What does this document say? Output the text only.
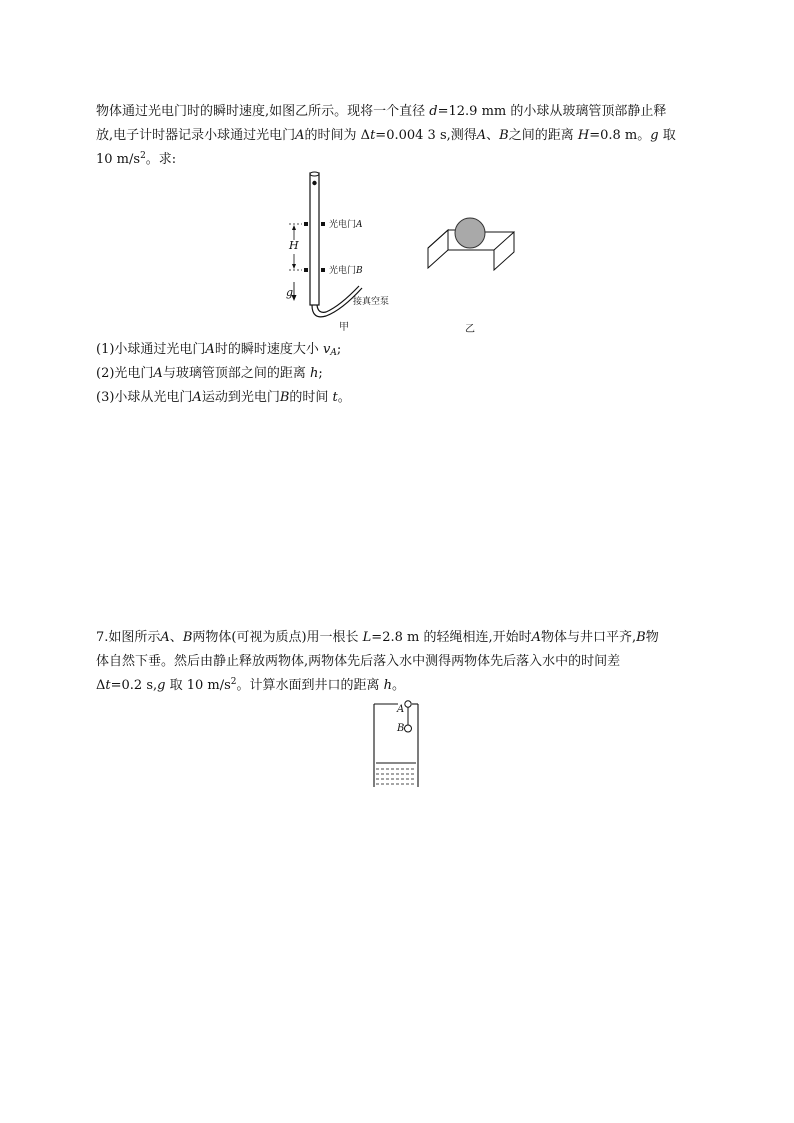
物体通过光电门时的瞬时速度,如图乙所示。现将一个直径 d=12.9 mm 的小球从玻璃管顶部静止释
放,电子计时器记录小球通过光电门A的时间为 Δt=0.004 3 s,测得A、B之间的距离 H=0.8 m。g 取
10 $m/s^2$。求:
光电门A
光电门B
H
g
接真空泵
甲	乙
(1)小球通过光电门A时的瞬时速度大小 $v_A$;
(2)光电门A与玻璃管顶部之间的距离 h;
(3)小球从光电门A运动到光电门B的时间 t。
7.如图所示A、B两物体(可视为质点)用一根长 L=2.8 m 的轻绳相连,开始时A物体与井口平齐,B物
体自然下垂。然后由静止释放两物体,两物体先后落入水中测得两物体先后落入水中的时间差
Δt=0.2 s,g 取 10 $m/s^2$。计算水面到井口的距离 h。
A
B
